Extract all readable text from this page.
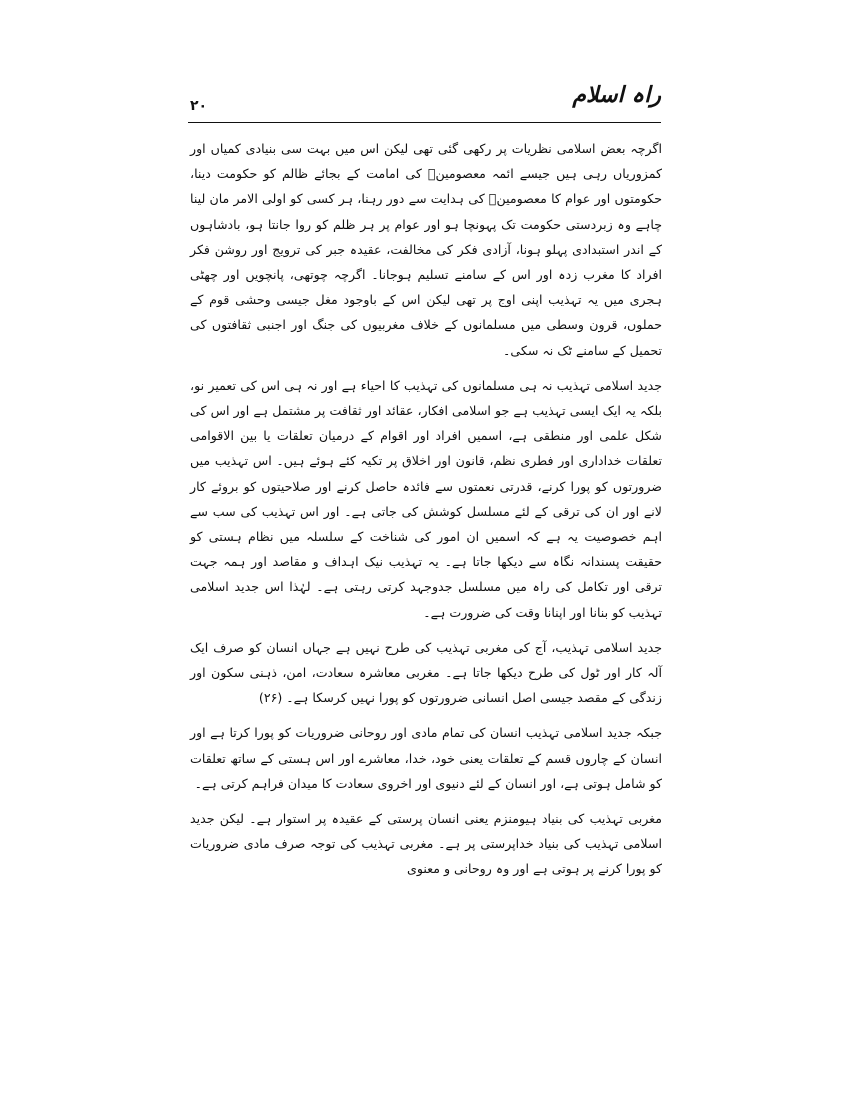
۲۰	راہ اسلام

اگرچہ بعض اسلامی نظریات پر رکھی گئی تھی لیکن اس میں بہت سی بنیادی کمیاں اور کمزوریاں رہی ہیں جیسے ائمہ معصومینؑ کی امامت کے بجائے ظالم کو حکومت دینا، حکومتوں اور عوام کا معصومینؑ کی ہدایت سے دور رہنا، ہر کسی کو اولی الامر مان لینا چاہے وہ زبردستی حکومت تک پہونچا ہو اور عوام پر ہر ظلم کو روا جانتا ہو، بادشاہوں کے اندر استبدادی پہلو ہونا، آزادی فکر کی مخالفت، عقیدہ جبر کی ترویج اور روشن فکر افراد کا مغرب زدہ اور اس کے سامنے تسلیم ہوجانا۔ اگرچہ چوتھی، پانچویں اور چھٹی ہجری میں یہ تہذیب اپنی اوج پر تھی لیکن اس کے باوجود مغل جیسی وحشی قوم کے حملوں، قرون وسطی میں مسلمانوں کے خلاف مغربیوں کی جنگ اور اجنبی ثقافتوں کی تحمیل کے سامنے ٹک نہ سکی۔

جدید اسلامی تہذیب نہ ہی مسلمانوں کی تہذیب کا احیاء ہے اور نہ ہی اس کی تعمیر نو، بلکہ یہ ایک ایسی تہذیب ہے جو اسلامی افکار، عقائد اور ثقافت پر مشتمل ہے اور اس کی شکل علمی اور منطقی ہے، اسمیں افراد اور اقوام کے درمیان تعلقات یا بین الاقوامی تعلقات خداداری اور فطری نظم، قانون اور اخلاق پر تکیہ کئے ہوئے ہیں۔ اس تہذیب میں ضرورتوں کو پورا کرنے، قدرتی نعمتوں سے فائدہ حاصل کرنے اور صلاحیتوں کو بروئے کار لانے اور ان کی ترقی کے لئے مسلسل کوشش کی جاتی ہے۔ اور اس تہذیب کی سب سے اہم خصوصیت یہ ہے کہ اسمیں ان امور کی شناخت کے سلسلہ میں نظام ہستی کو حقیقت پسندانہ نگاہ سے دیکھا جاتا ہے۔ یہ تہذیب نیک اہداف و مقاصد اور ہمہ جہت ترقی اور تکامل کی راہ میں مسلسل جدوجہد کرتی رہتی ہے۔ لہٰذا اس جدید اسلامی تہذیب کو بنانا اور اپنانا وقت کی ضرورت ہے۔

جدید اسلامی تہذیب، آج کی مغربی تہذیب کی طرح نہیں ہے جہاں انسان کو صرف ایک آلہ کار اور ٹول کی طرح دیکھا جاتا ہے۔ مغربی معاشرہ سعادت، امن، ذہنی سکون اور زندگی کے مقصد جیسی اصل انسانی ضرورتوں کو پورا نہیں کرسکا ہے۔ (۲۶)

جبکہ جدید اسلامی تہذیب انسان کی تمام مادی اور روحانی ضروریات کو پورا کرتا ہے اور انسان کے چاروں قسم کے تعلقات یعنی خود، خدا، معاشرے اور اس ہستی کے ساتھ تعلقات کو شامل ہوتی ہے، اور انسان کے لئے دنیوی اور اخروی سعادت کا میدان فراہم کرتی ہے۔

مغربی تہذیب کی بنیاد ہیومنزم یعنی انسان پرستی کے عقیدہ پر استوار ہے۔ لیکن جدید اسلامی تہذیب کی بنیاد خداپرستی پر ہے۔ مغربی تہذیب کی توجہ صرف مادی ضروریات کو پورا کرنے پر ہوتی ہے اور وہ روحانی و معنوی
